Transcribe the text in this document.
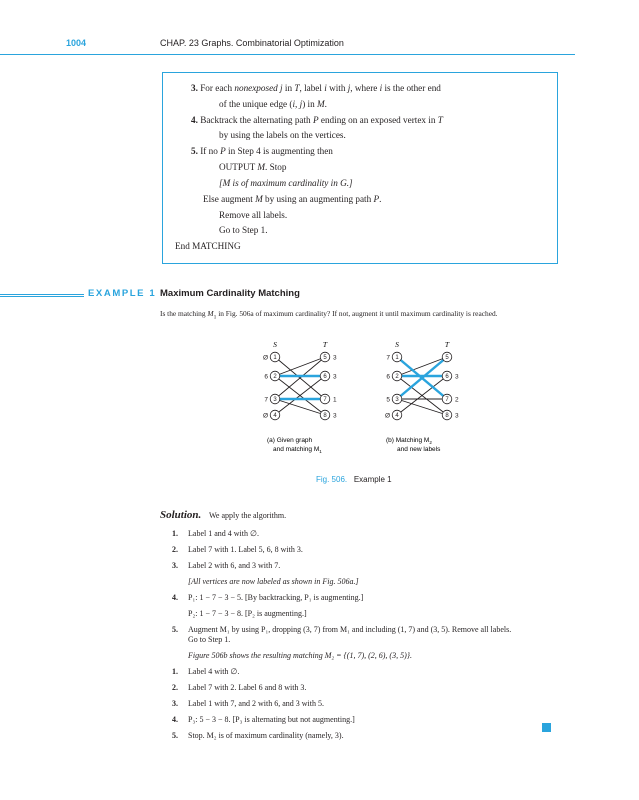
1004	CHAP. 23 Graphs. Combinatorial Optimization
3. For each nonexposed j in T, label i with j, where i is the other end
of the unique edge (i, j) in M.
4. Backtrack the alternating path P ending on an exposed vertex in T
by using the labels on the vertices.
5. If no P in Step 4 is augmenting then
OUTPUT M. Stop
[M is of maximum cardinality in G.]
Else augment M by using an augmenting path P.
Remove all labels.
Go to Step 1.
End MATCHING
EXAMPLE 1 Maximum Cardinality Matching
Is the matching $M_1$ in Fig. 506a of maximum cardinality? If not, augment it until maximum cardinality is reached.
S	T
1
2
3
4
5
6
7
8
Ø
6
7
Ø
3
3
1
3
(a) Given graph
and matching $M_1$
S	T
1
2
3
4
5
6
7
8
7
6
5
Ø
3
2
3
(b) Matching $M_2$
and new labels
Fig. 506. Example 1
Solution. We apply the algorithm.
1. Label 1 and 4 with ∅.
2. Label 7 with 1. Label 5, 6, 8 with 3.
3. Label 2 with 6, and 3 with 7.
[All vertices are now labeled as shown in Fig. 506a.]
4. P₁: 1 − 7 − 3 − 5. [By backtracking, P₁ is augmenting.]
P₂: 1 − 7 − 3 − 8. [P₂ is augmenting.]
5. Augment M₁ by using P₁, dropping (3, 7) from M₁ and including (1, 7) and (3, 5). Remove all labels.
Go to Step 1.
Figure 506b shows the resulting matching M₂ = {(1, 7), (2, 6), (3, 5)}.
1. Label 4 with ∅.
2. Label 7 with 2. Label 6 and 8 with 3.
3. Label 1 with 7, and 2 with 6, and 3 with 5.
4. P₃: 5 − 3 − 8. [P₃ is alternating but not augmenting.]
5. Stop. M₂ is of maximum cardinality (namely, 3).
